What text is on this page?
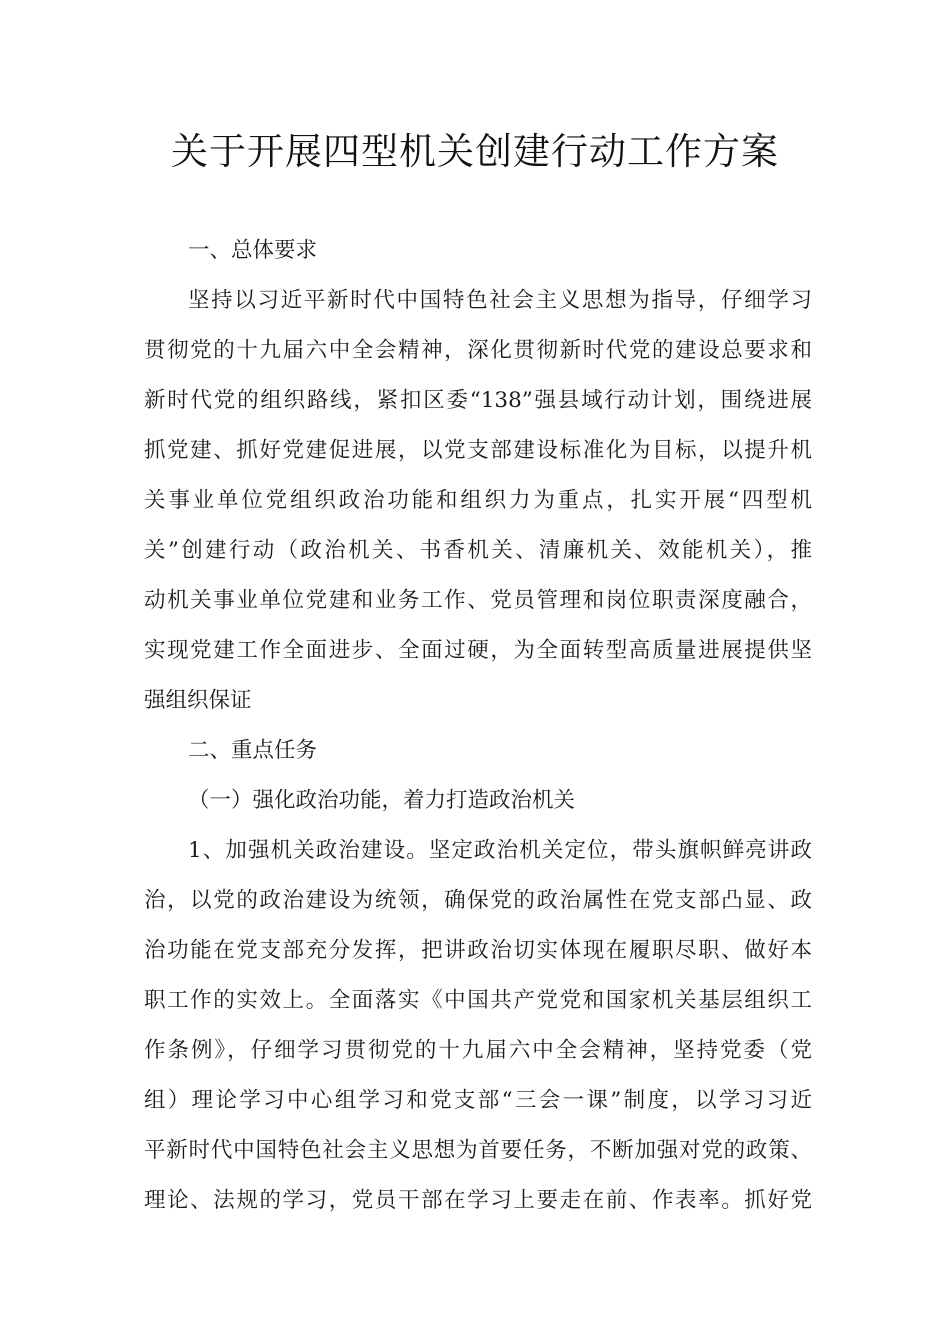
关于开展四型机关创建行动工作方案
一、总体要求
坚持以习近平新时代中国特色社会主义思想为指导，仔细学习
贯彻党的十九届六中全会精神，深化贯彻新时代党的建设总要求和
新时代党的组织路线，紧扣区委“138”强县域行动计划，围绕进展
抓党建、抓好党建促进展，以党支部建设标准化为目标，以提升机
关事业单位党组织政治功能和组织力为重点，扎实开展“四型机
关”创建行动（政治机关、书香机关、清廉机关、效能机关），推
动机关事业单位党建和业务工作、党员管理和岗位职责深度融合，
实现党建工作全面进步、全面过硬，为全面转型高质量进展提供坚
强组织保证
二、重点任务
（一）强化政治功能，着力打造政治机关
1、加强机关政治建设。坚定政治机关定位，带头旗帜鲜亮讲政
治，以党的政治建设为统领，确保党的政治属性在党支部凸显、政
治功能在党支部充分发挥，把讲政治切实体现在履职尽职、做好本
职工作的实效上。全面落实《中国共产党党和国家机关基层组织工
作条例》，仔细学习贯彻党的十九届六中全会精神，坚持党委（党
组）理论学习中心组学习和党支部“三会一课”制度，以学习习近
平新时代中国特色社会主义思想为首要任务，不断加强对党的政策、
理论、法规的学习，党员干部在学习上要走在前、作表率。抓好党
